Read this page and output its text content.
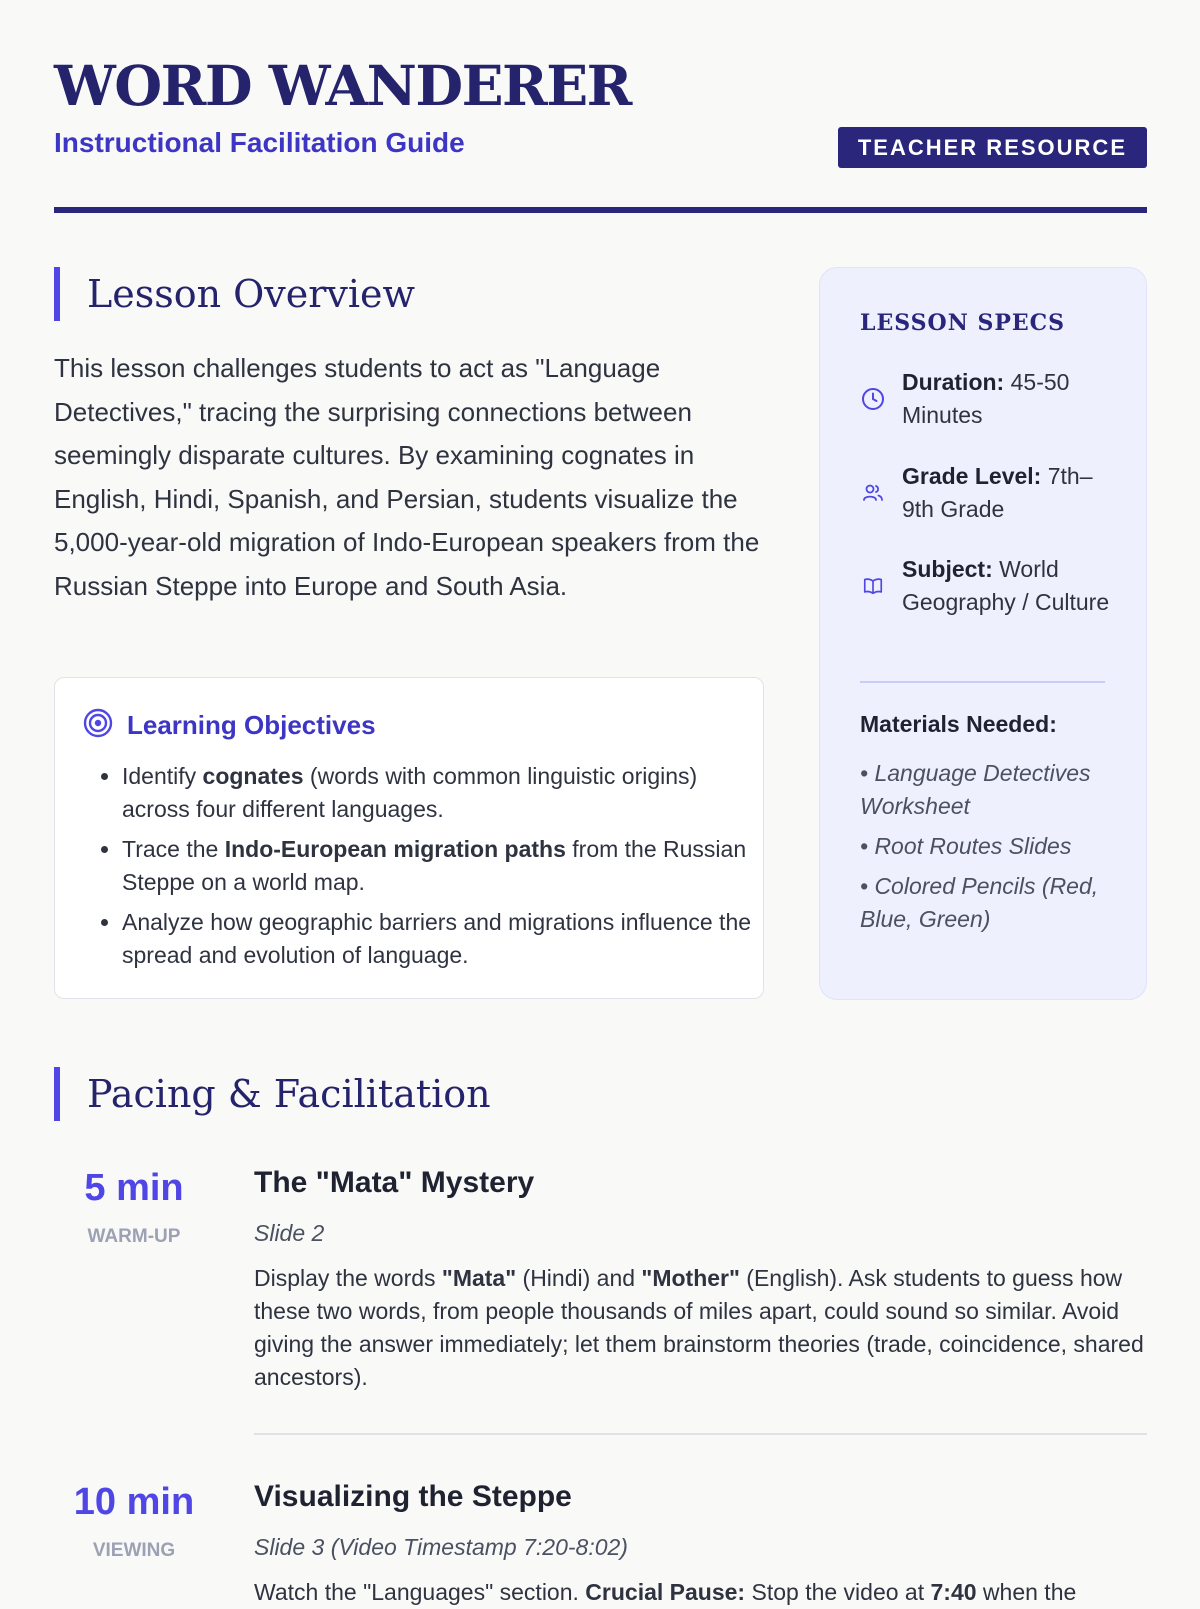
WORD WANDERER
Instructional Facilitation Guide	TEACHER RESOURCE
Lesson Overview
This lesson challenges students to act as "Language Detectives," tracing the surprising connections between seemingly disparate cultures. By examining cognates in English, Hindi, Spanish, and Persian, students visualize the 5,000-year-old migration of Indo-European speakers from the Russian Steppe into Europe and South Asia.
Learning Objectives
• Identify cognates (words with common linguistic origins) across four different languages.
• Trace the Indo-European migration paths from the Russian Steppe on a world map.
• Analyze how geographic barriers and migrations influence the spread and evolution of language.
LESSON SPECS
Duration: 45-50 Minutes
Grade Level: 7th–9th Grade
Subject: World Geography / Culture
Materials Needed:
• Language Detectives Worksheet
• Root Routes Slides
• Colored Pencils (Red, Blue, Green)
Pacing & Facilitation
5 min
WARM-UP
The "Mata" Mystery
Slide 2
Display the words "Mata" (Hindi) and "Mother" (English). Ask students to guess how these two words, from people thousands of miles apart, could sound so similar. Avoid giving the answer immediately; let them brainstorm theories (trade, coincidence, shared ancestors).
10 min
VIEWING
Visualizing the Steppe
Slide 3 (Video Timestamp 7:20-8:02)
Watch the "Languages" section. Crucial Pause: Stop the video at 7:40 when the
